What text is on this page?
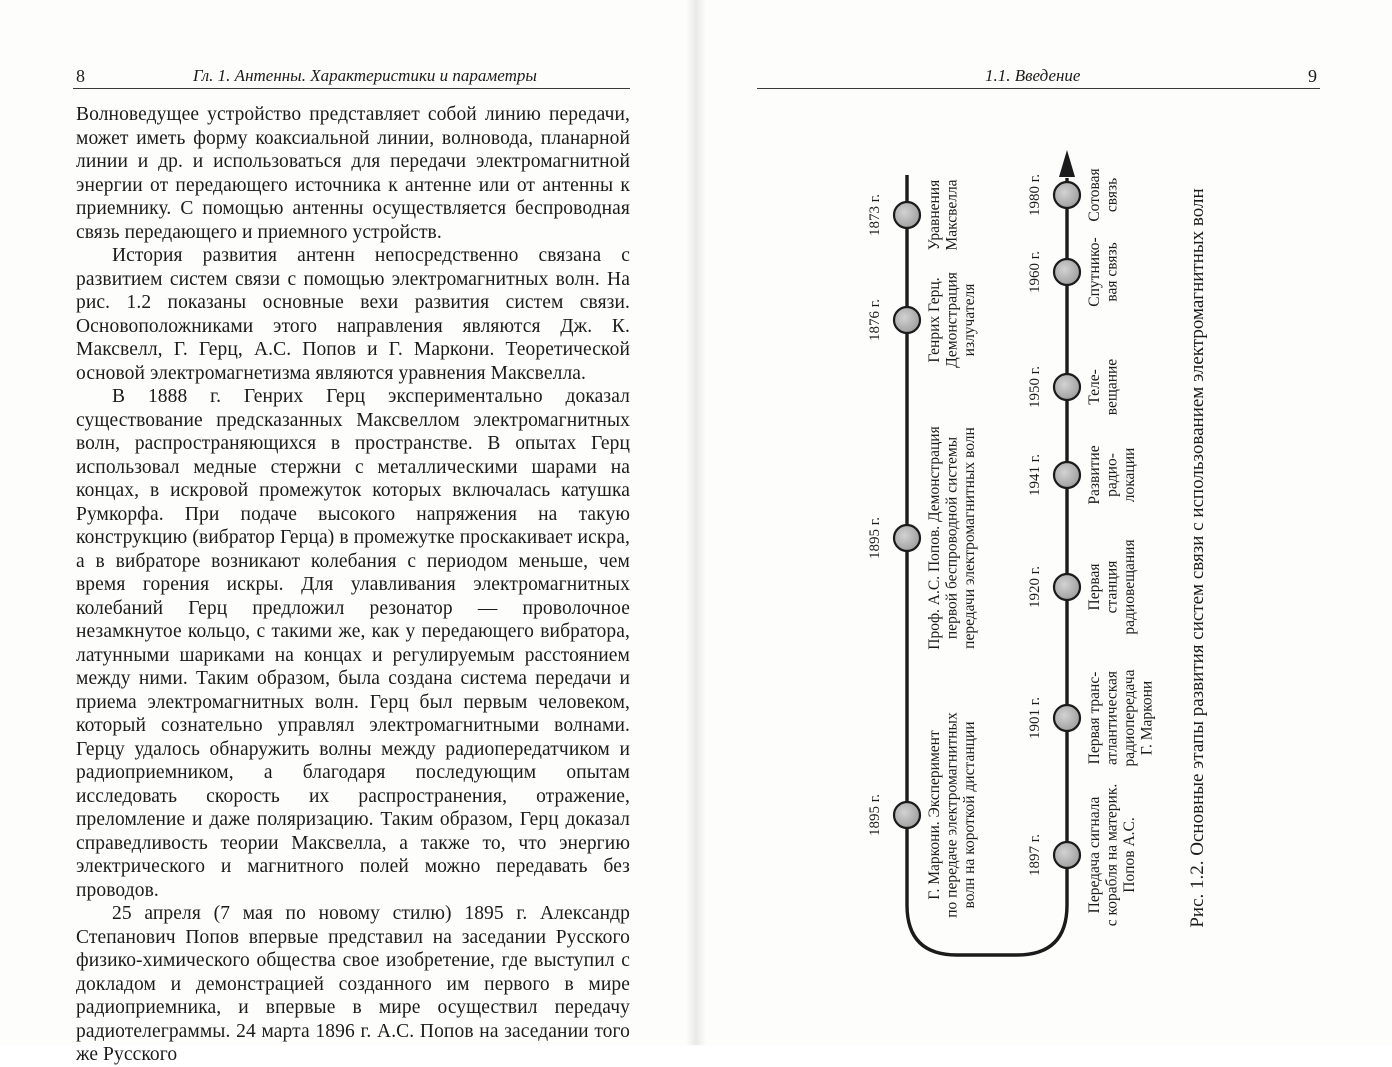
8	Гл. 1. Антенны. Характеристики и параметры	1.1. Введение	9

Волноведущее устройство представляет собой линию передачи, может иметь форму коаксиальной линии, волновода, планарной линии и др. и использоваться для передачи электромагнитной энергии от передающего источника к антенне или от антенны к приемнику. С помощью антенны осуществляется беспроводная связь передающего и приемного устройств.

История развития антенн непосредственно связана с развитием систем связи с помощью электромагнитных волн. На рис. 1.2 показаны основные вехи развития систем связи. Основоположниками этого направления являются Дж. К. Максвелл, Г. Герц, А.С. Попов и Г. Маркони. Теоретической основой электромагнетизма являются уравнения Максвелла.

В 1888 г. Генрих Герц экспериментально доказал существование предсказанных Максвеллом электромагнитных волн, распространяющихся в пространстве. В опытах Герц использовал медные стержни с металлическими шарами на концах, в искровой промежуток которых включалась катушка Румкорфа. При подаче высокого напряжения на такую конструкцию (вибратор Герца) в промежутке проскакивает искра, а в вибраторе возникают колебания с периодом меньше, чем время горения искры. Для улавливания электромагнитных колебаний Герц предложил резонатор — проволочное незамкнутое кольцо, с такими же, как у передающего вибратора, латунными шариками на концах и регулируемым расстоянием между ними. Таким образом, была создана система передачи и приема электромагнитных волн. Герц был первым человеком, который сознательно управлял электромагнитными волнами. Герцу удалось обнаружить волны между радиопередатчиком и радиоприемником, а благодаря последующим опытам исследовать скорость их распространения, отражение, преломление и даже поляризацию. Таким образом, Герц доказал справедливость теории Максвелла, а также то, что энергию электрического и магнитного полей можно передавать без проводов.

25 апреля (7 мая по новому стилю) 1895 г. Александр Степанович Попов впервые представил на заседании Русского физико-химического общества свое изобретение, где выступил с докладом и демонстрацией созданного им первого в мире радиоприемника, и впервые в мире осуществил передачу радиотелеграммы. 24 марта 1896 г. А.С. Попов на заседании того же Русского

1873 г.	УравненияМаксвелла
1876 г.	Генрих Герц.Демонстрацияизлучателя
1895 г.	Проф. А.С. Попов. Демонстрацияпервой беспроводной системыпередачи электромагнитных волн
1895 г.	Г. Маркони. Экспериментпо передаче электромагнитныхволн на короткой дистанции	1897 г.	Передача сигналас корабля на материк.Попов А.С.
1901 г.	Первая транс-атлантическаярадиопередачаГ. Маркони
1920 г.	Перваястанциярадиовещания
1941 г.	Развитиерадио-локации
1950 г.	Теле-вещание
1960 г.	Спутнико-вая связь
1980 г.	Сотоваясвязь	Рис. 1.2. Основные этапы развития систем связи с использованием электромагнитных волн
